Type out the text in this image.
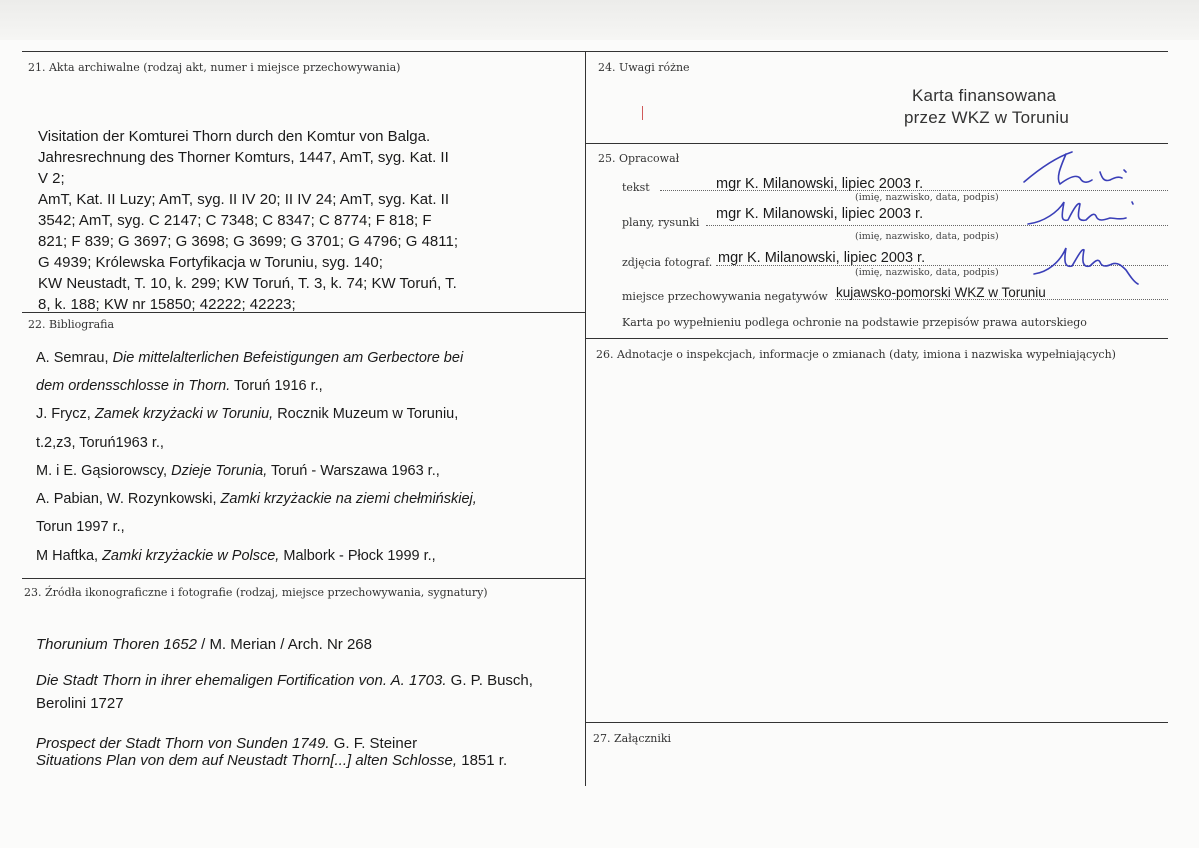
21. Akta archiwalne (rodzaj akt, numer i miejsce przechowywania)
Visitation der Komturei Thorn durch den Komtur von Balga.
Jahresrechnung des Thorner Komturs, 1447, AmT, syg. Kat. II
V 2;
AmT, Kat. II Luzy; AmT, syg. II IV 20; II IV 24; AmT, syg. Kat. II
3542; AmT, syg. C 2147; C 7348; C 8347; C 8774; F 818; F
821; F 839; G 3697; G 3698; G 3699; G 3701; G 4796; G 4811;
G 4939; Królewska Fortyfikacja w Toruniu, syg. 140;
KW Neustadt, T. 10, k. 299; KW Toruń, T. 3, k. 74; KW Toruń, T.
8, k. 188; KW nr 15850; 42222; 42223;
22. Bibliografia
A. Semrau, Die mittelalterlichen Befeistigungen am Gerbectore bei
dem ordensschlosse in Thorn. Toruń 1916 r.,
J. Frycz, Zamek krzyżacki w Toruniu, Rocznik Muzeum w Toruniu,
t.2,z3, Toruń1963 r.,
M. i E. Gąsiorowscy, Dzieje Torunia, Toruń - Warszawa 1963 r.,
A. Pabian, W. Rozynkowski, Zamki krzyżackie na ziemi chełmińskiej,
Torun 1997 r.,
M Haftka, Zamki krzyżackie w Polsce, Malbork - Płock 1999 r.,
23. Źródła ikonograficzne i fotografie (rodzaj, miejsce przechowywania, sygnatury)
Thorunium Thoren 1652 / M. Merian / Arch. Nr 268
Die Stadt Thorn in ihrer ehemaligen Fortification von. A. 1703. G. P. Busch,
Berolini 1727
Prospect der Stadt Thorn von Sunden 1749. G. F. Steiner
Situations Plan von dem auf Neustadt Thorn[...] alten Schlosse, 1851 r.
24. Uwagi różne
Karta finansowana
przez WKZ w Toruniu
25. Opracował
tekst	mgr K. Milanowski, lipiec 2003 r.
(imię, nazwisko, data, podpis)
plany, rysunki
mgr K. Milanowski, lipiec 2003 r.
(imię, nazwisko, data, podpis)
zdjęcia fotograf. mgr K. Milanowski, lipiec 2003 r.
(imię, nazwisko, data, podpis)
miejsce przechowywania negatywów kujawsko-pomorski WKZ w Toruniu
Karta po wypełnieniu podlega ochronie na podstawie przepisów prawa autorskiego
26. Adnotacje o inspekcjach, informacje o zmianach (daty, imiona i nazwiska wypełniających)
27. Załączniki
